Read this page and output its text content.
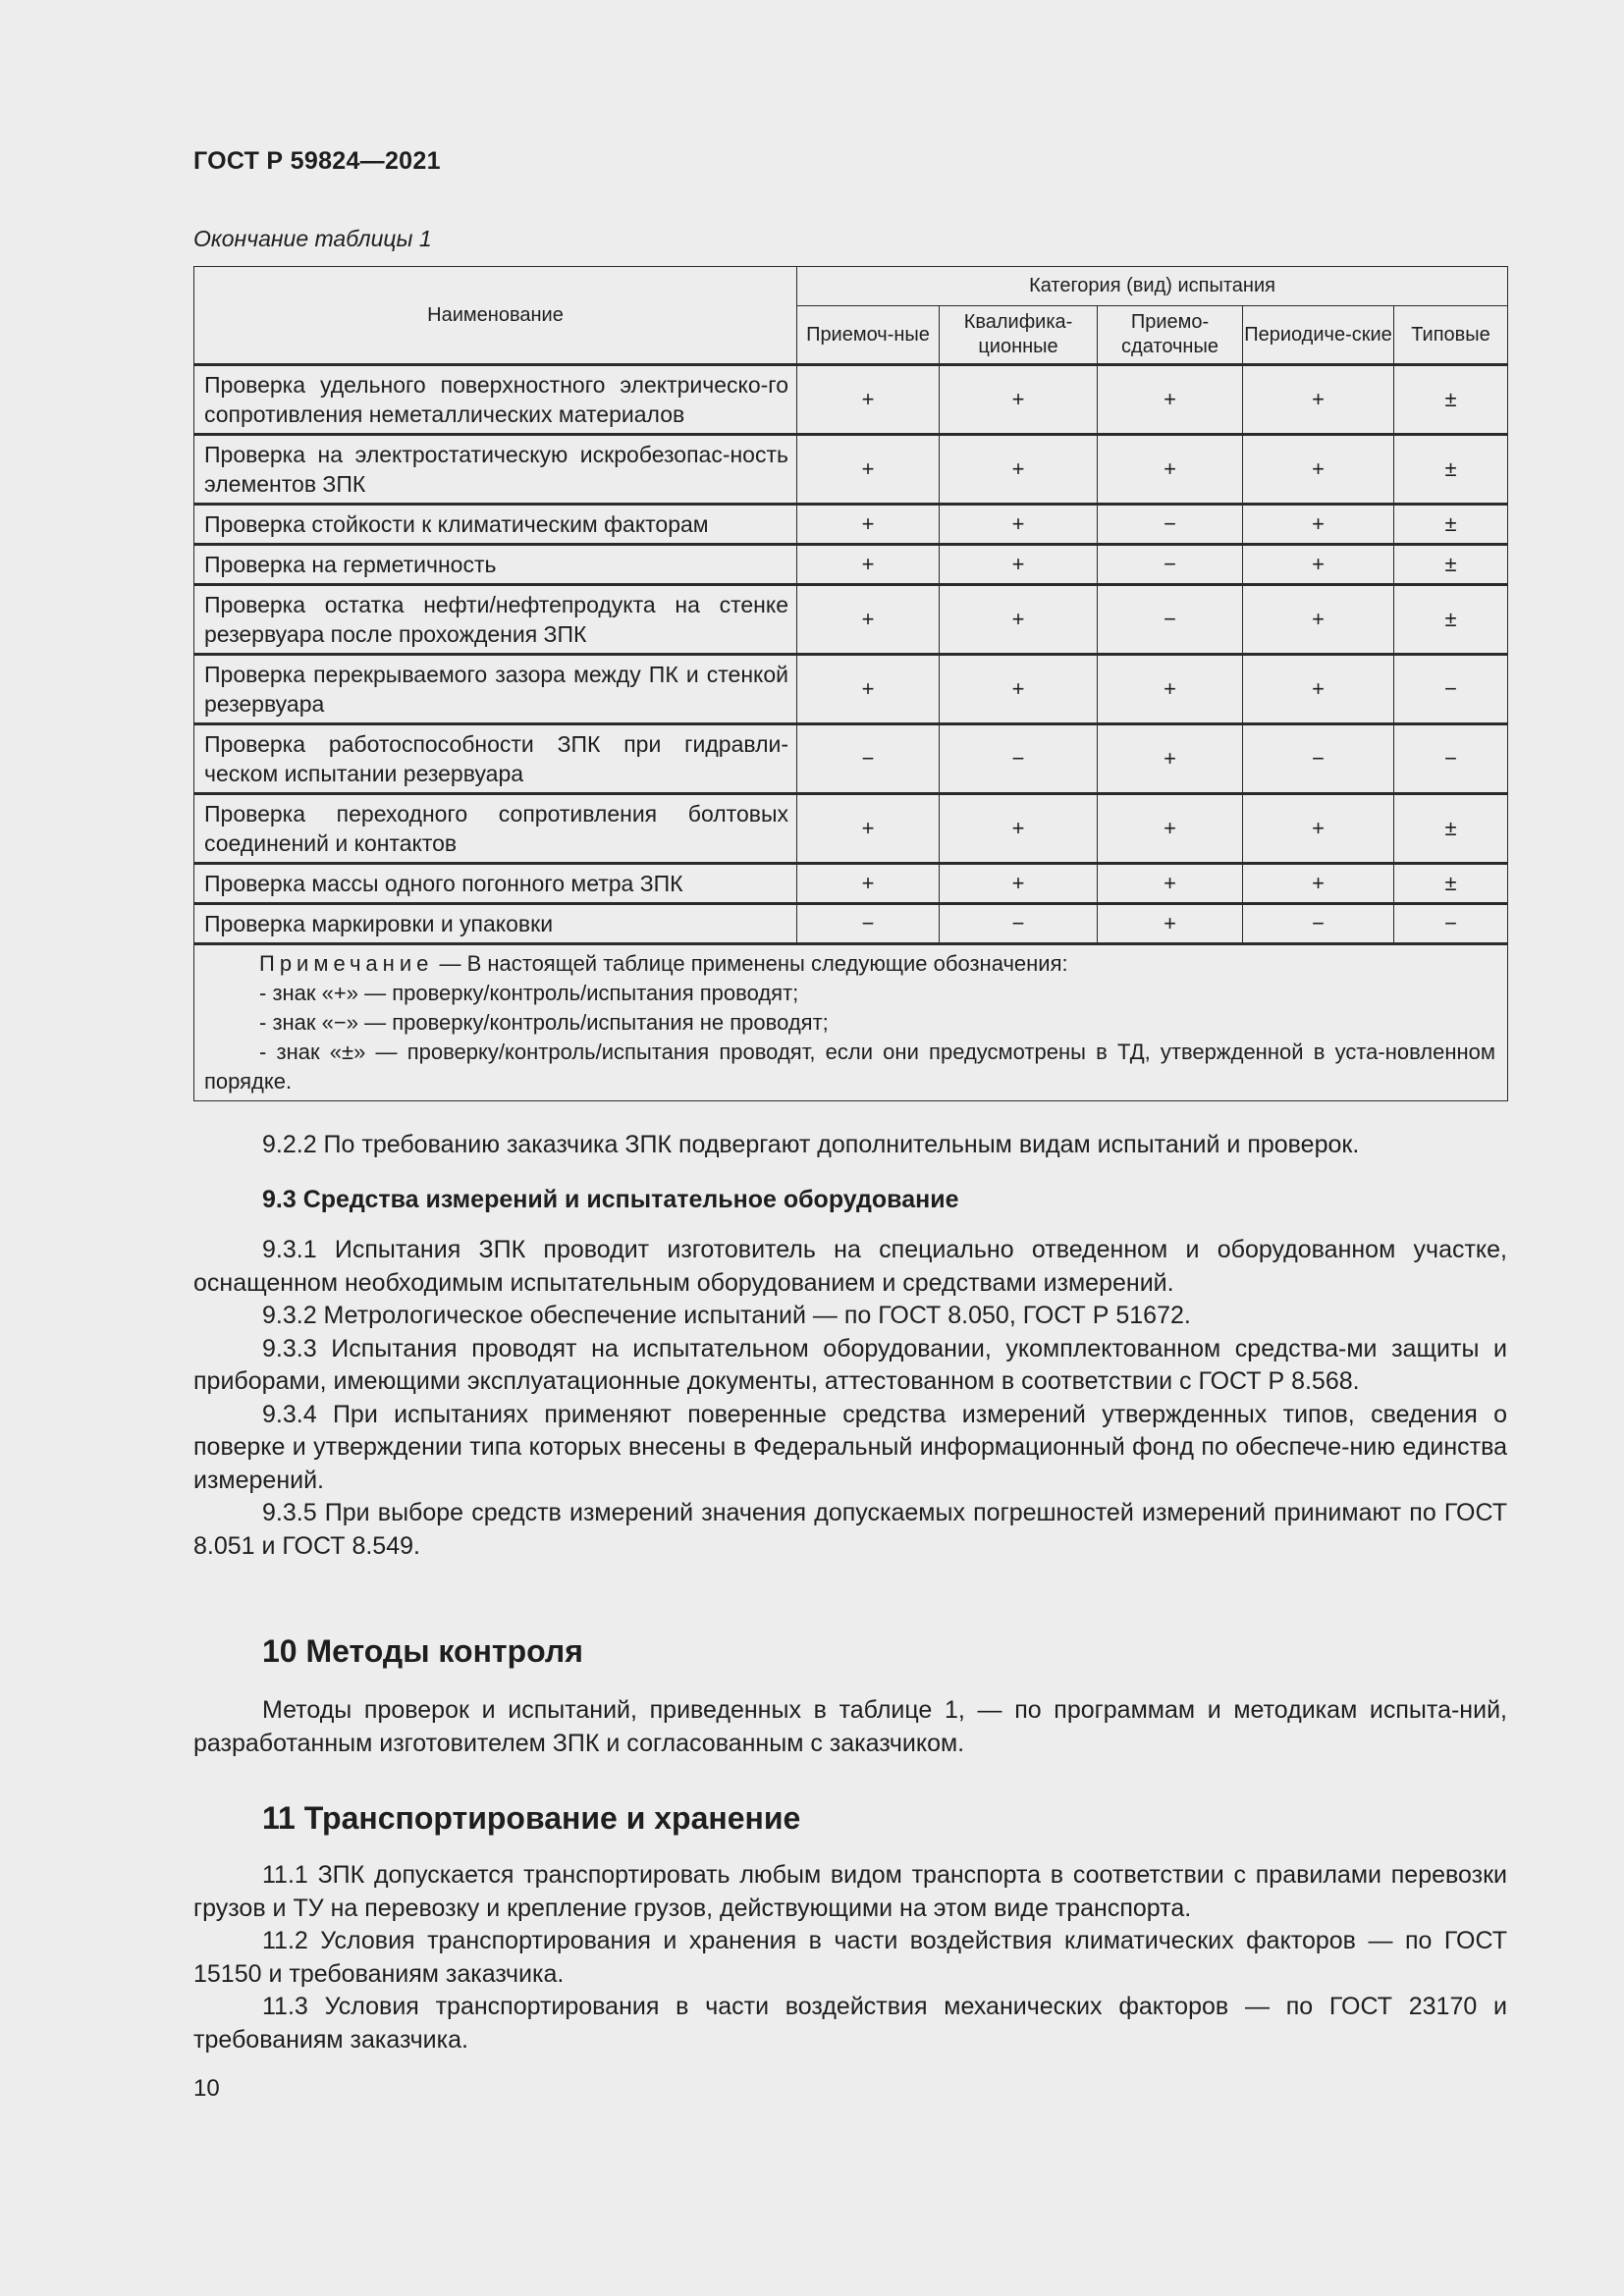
ГОСТ Р 59824—2021
Окончание таблицы 1
Наименование	Категория (вид) испытания				
	Приемоч-ные	Квалифика-ционные	Приемо-сдаточные	Периодиче-ские	Типовые
Проверка удельного поверхностного электрическо-го сопротивления неметаллических материалов	+	+	+	+	±
Проверка на электростатическую искробезопас-ность элементов ЗПК	+	+	+	+	±
Проверка стойкости к климатическим факторам	+	+	−	+	±
Проверка на герметичность	+	+	−	+	±
Проверка остатка нефти/нефтепродукта на стенке резервуара после прохождения ЗПК	+	+	−	+	±
Проверка перекрываемого зазора между ПК и стенкой резервуара	+	+	+	+	−
Проверка работоспособности ЗПК при гидравли-ческом испытании резервуара	−	−	+	−	−
Проверка переходного сопротивления болтовых соединений и контактов	+	+	+	+	±
Проверка массы одного погонного метра ЗПК	+	+	+	+	±
Проверка маркировки и упаковки	−	−	+	−	−

Примечание — В настоящей таблице применены следующие обозначения:
- знак «+» — проверку/контроль/испытания проводят;
- знак «−» — проверку/контроль/испытания не проводят;
- знак «±» — проверку/контроль/испытания проводят, если они предусмотрены в ТД, утвержденной в уста-новленном порядке.					

9.2.2 По требованию заказчика ЗПК подвергают дополнительным видам испытаний и проверок.

9.3 Средства измерений и испытательное оборудование

9.3.1 Испытания ЗПК проводит изготовитель на специально отведенном и оборудованном участке, оснащенном необходимым испытательным оборудованием и средствами измерений.

9.3.2 Метрологическое обеспечение испытаний — по ГОСТ 8.050, ГОСТ Р 51672.

9.3.3 Испытания проводят на испытательном оборудовании, укомплектованном средства-ми защиты и приборами, имеющими эксплуатационные документы, аттестованном в соответствии с ГОСТ Р 8.568.

9.3.4 При испытаниях применяют поверенные средства измерений утвержденных типов, сведения о поверке и утверждении типа которых внесены в Федеральный информационный фонд по обеспече-нию единства измерений.

9.3.5 При выборе средств измерений значения допускаемых погрешностей измерений принимают по ГОСТ 8.051 и ГОСТ 8.549.

10 Методы контроля

Методы проверок и испытаний, приведенных в таблице 1, — по программам и методикам испыта-ний, разработанным изготовителем ЗПК и согласованным с заказчиком.

11 Транспортирование и хранение

11.1 ЗПК допускается транспортировать любым видом транспорта в соответствии с правилами перевозки грузов и ТУ на перевозку и крепление грузов, действующими на этом виде транспорта.

11.2 Условия транспортирования и хранения в части воздействия климатических факторов — по ГОСТ 15150 и требованиям заказчика.

11.3 Условия транспортирования в части воздействия механических факторов — по ГОСТ 23170 и требованиям заказчика.

10
